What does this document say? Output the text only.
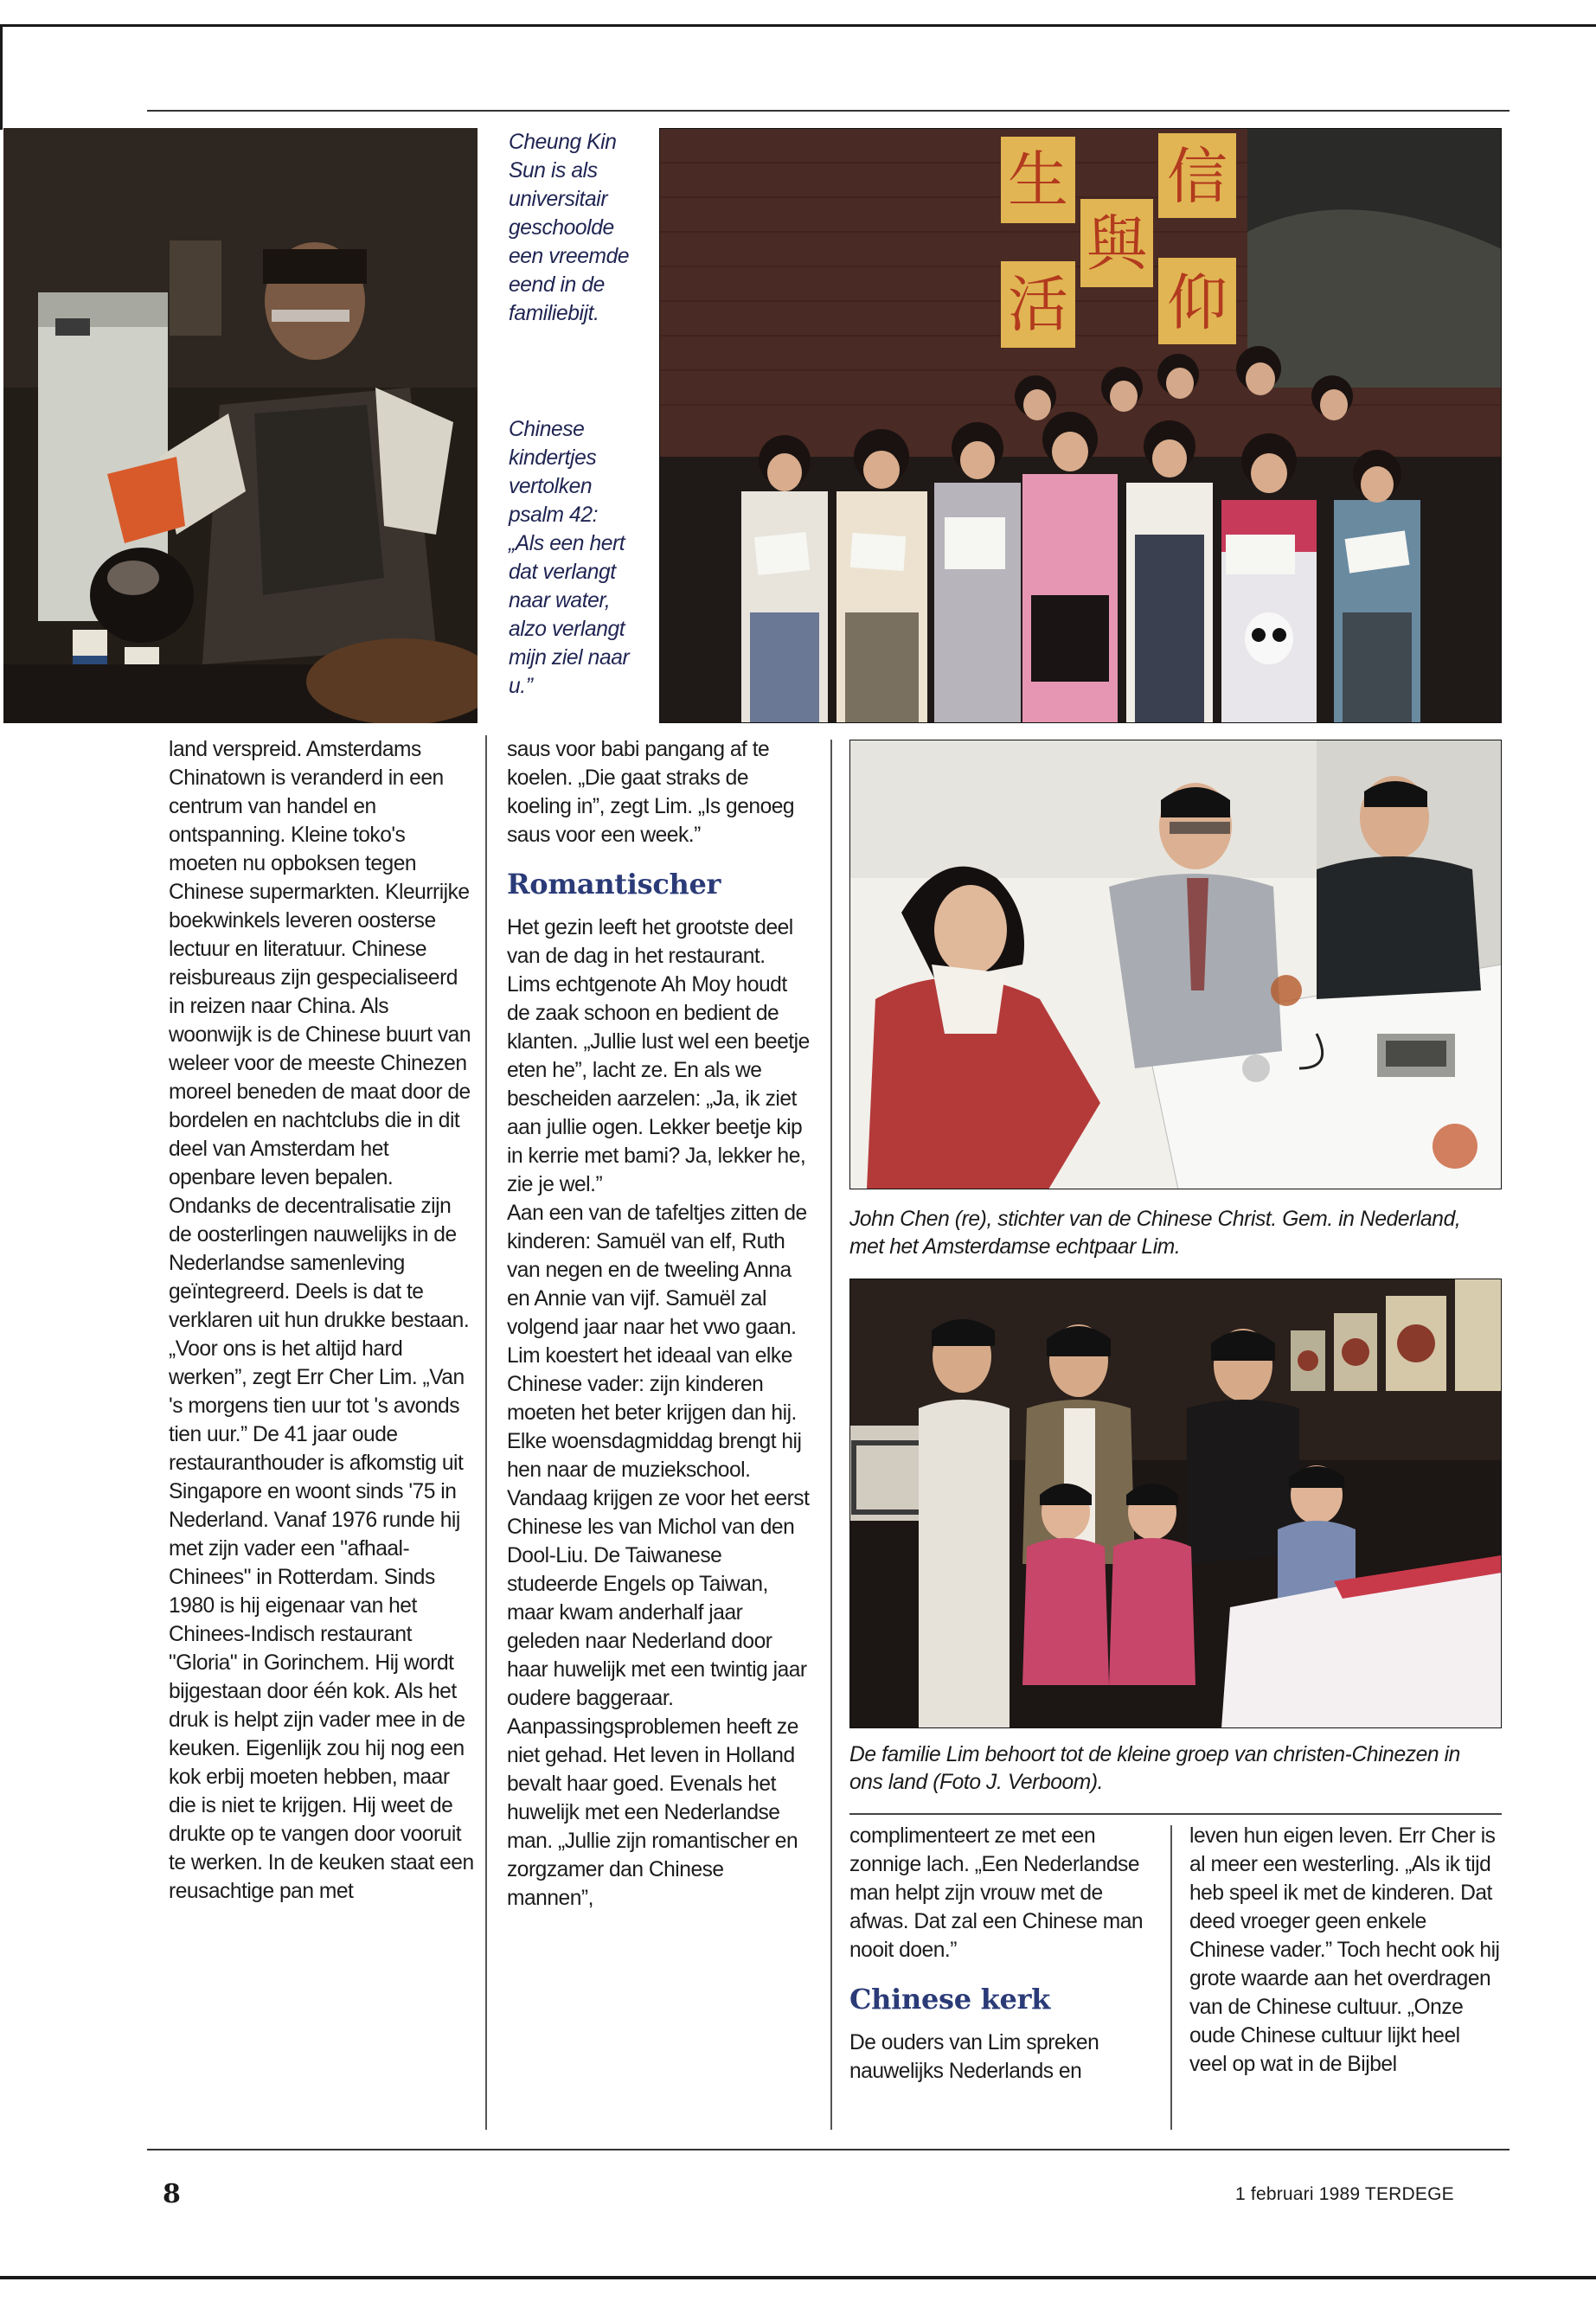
Cheung Kin Sun is als universitair geschoolde een vreemde eend in de familiebijt.
Chinese kindertjes vertolken psalm 42: „Als een hert dat verlangt naar water, alzo verlangt mijn ziel naar u.”
生
與
信
活 仰

land verspreid. Amsterdams Chinatown is veranderd in een centrum van handel en ontspanning. Kleine toko's moeten nu opboksen tegen Chinese supermarkten. Kleurrijke boekwinkels leveren oosterse lectuur en literatuur. Chinese reisbureaus zijn gespecialiseerd in reizen naar China. Als woonwijk is de Chinese buurt van weleer voor de meeste Chinezen moreel beneden de maat door de bordelen en nachtclubs die in dit deel van Amsterdam het openbare leven bepalen.

Ondanks de decentralisatie zijn de oosterlingen nauwelijks in de Nederlandse samenleving geïntegreerd. Deels is dat te verklaren uit hun drukke bestaan. „Voor ons is het altijd hard werken”, zegt Err Cher Lim. „Van 's morgens tien uur tot 's avonds tien uur.” De 41 jaar oude restauranthouder is afkomstig uit Singapore en woont sinds '75 in Nederland. Vanaf 1976 runde hij met zijn vader een "afhaal-Chinees" in Rotterdam. Sinds 1980 is hij eigenaar van het Chinees-Indisch restaurant "Gloria" in Gorinchem. Hij wordt bijgestaan door één kok. Als het druk is helpt zijn vader mee in de keuken. Eigenlijk zou hij nog een kok erbij moeten hebben, maar die is niet te krijgen. Hij weet de drukte op te vangen door vooruit te werken. In de keuken staat een reusachtige pan met

saus voor babi pangang af te koelen. „Die gaat straks de koeling in”, zegt Lim. „Is genoeg saus voor een week.”

Romantischer

Het gezin leeft het grootste deel van de dag in het restaurant. Lims echtgenote Ah Moy houdt de zaak schoon en bedient de klanten. „Jullie lust wel een beetje eten he”, lacht ze. En als we bescheiden aarzelen: „Ja, ik ziet aan jullie ogen. Lekker beetje kip in kerrie met bami? Ja, lekker he, zie je wel.”

Aan een van de tafeltjes zitten de kinderen: Samuël van elf, Ruth van negen en de tweeling Anna en Annie van vijf. Samuël zal volgend jaar naar het vwo gaan. Lim koestert het ideaal van elke Chinese vader: zijn kinderen moeten het beter krijgen dan hij.

Elke woensdagmiddag brengt hij hen naar de muziekschool. Vandaag krijgen ze voor het eerst Chinese les van Michol van den Dool-Liu. De Taiwanese studeerde Engels op Taiwan, maar kwam anderhalf jaar geleden naar Nederland door haar huwelijk met een twintig jaar oudere baggeraar. Aanpassingsproblemen heeft ze niet gehad. Het leven in Holland bevalt haar goed. Evenals het huwelijk met een Nederlandse man. „Jullie zijn romantischer en zorgzamer dan Chinese mannen”,

John Chen (re), stichter van de Chinese Christ. Gem. in Nederland, met het Amsterdamse echtpaar Lim.
De familie Lim behoort tot de kleine groep van christen-Chinezen in ons land (Foto J. Verboom).

complimenteert ze met een zonnige lach. „Een Nederlandse man helpt zijn vrouw met de afwas. Dat zal een Chinese man nooit doen.”

Chinese kerk

De ouders van Lim spreken nauwelijks Nederlands en

leven hun eigen leven. Err Cher is al meer een westerling. „Als ik tijd heb speel ik met de kinderen. Dat deed vroeger geen enkele Chinese vader.” Toch hecht ook hij grote waarde aan het overdragen van de Chinese cultuur. „Onze oude Chinese cultuur lijkt heel veel op wat in de Bijbel

8	1 februari 1989 TERDEGE
